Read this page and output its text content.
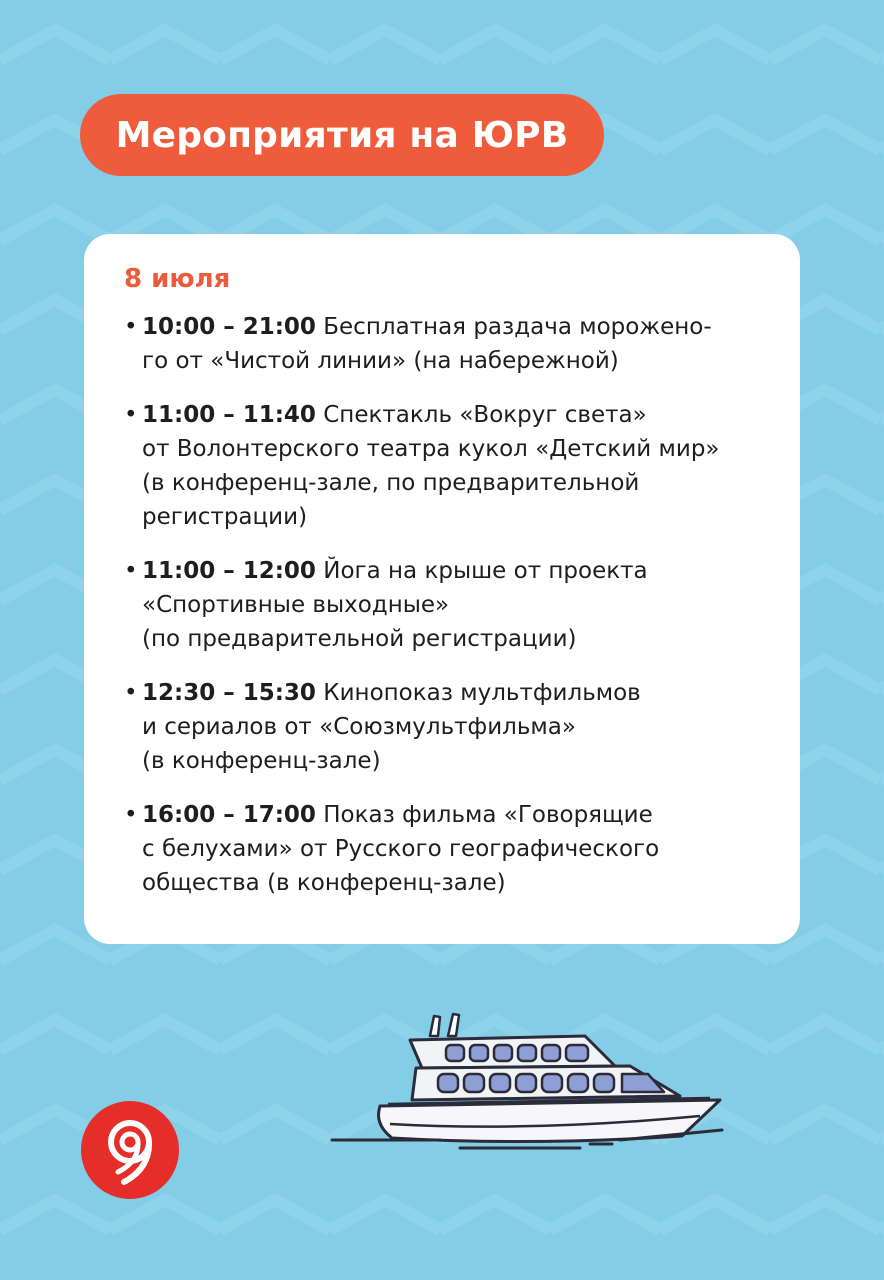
Мероприятия на ЮРВ
8 июля
• 10:00 – 21:00 Бесплатная раздача морожено-
го от «Чистой линии» (на набережной)
• 11:00 – 11:40 Спектакль «Вокруг света»
от Волонтерского театра кукол «Детский мир»
(в конференц-зале, по предварительной
регистрации)
• 11:00 – 12:00 Йога на крыше от проекта
«Спортивные выходные»
(по предварительной регистрации)
• 12:30 – 15:30 Кинопоказ мультфильмов
и сериалов от «Союзмультфильма»
(в конференц-зале)
• 16:00 – 17:00 Показ фильма «Говорящие
с белухами» от Русского географического
общества (в конференц-зале)
